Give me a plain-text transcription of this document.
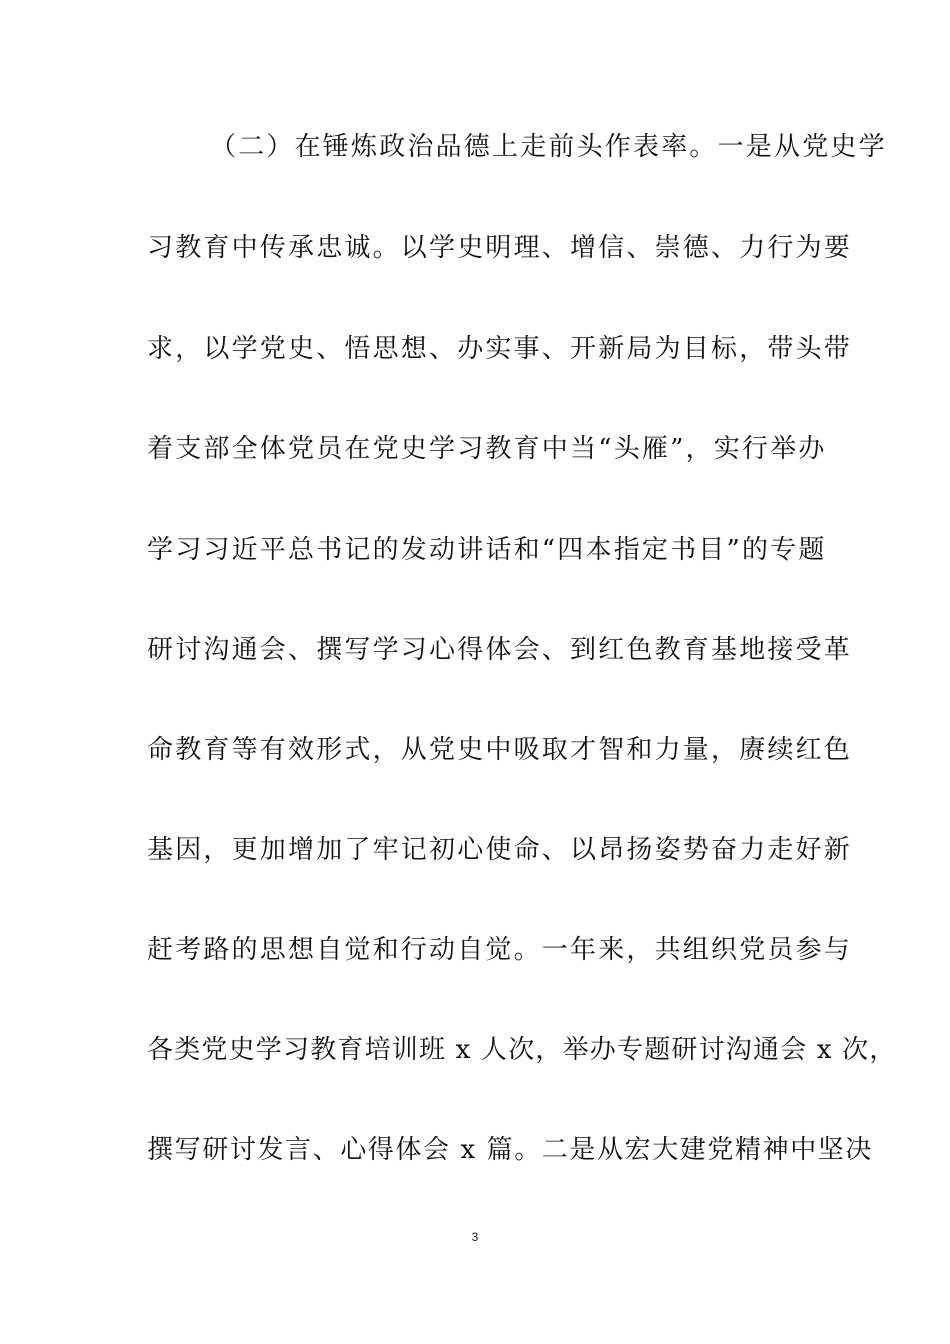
（二）在锤炼政治品德上走前头作表率。一是从党史学
习教育中传承忠诚。以学史明理、增信、崇德、力行为要
求，以学党史、悟思想、办实事、开新局为目标，带头带
着支部全体党员在党史学习教育中当“头雁”，实行举办
学习习近平总书记的发动讲话和“四本指定书目”的专题
研讨沟通会、撰写学习心得体会、到红色教育基地接受革
命教育等有效形式，从党史中吸取才智和力量，赓续红色
基因，更加增加了牢记初心使命、以昂扬姿势奋力走好新
赶考路的思想自觉和行动自觉。一年来，共组织党员参与
各类党史学习教育培训班 x 人次，举办专题研讨沟通会 x 次，
撰写研讨发言、心得体会 x 篇。二是从宏大建党精神中坚决
3
